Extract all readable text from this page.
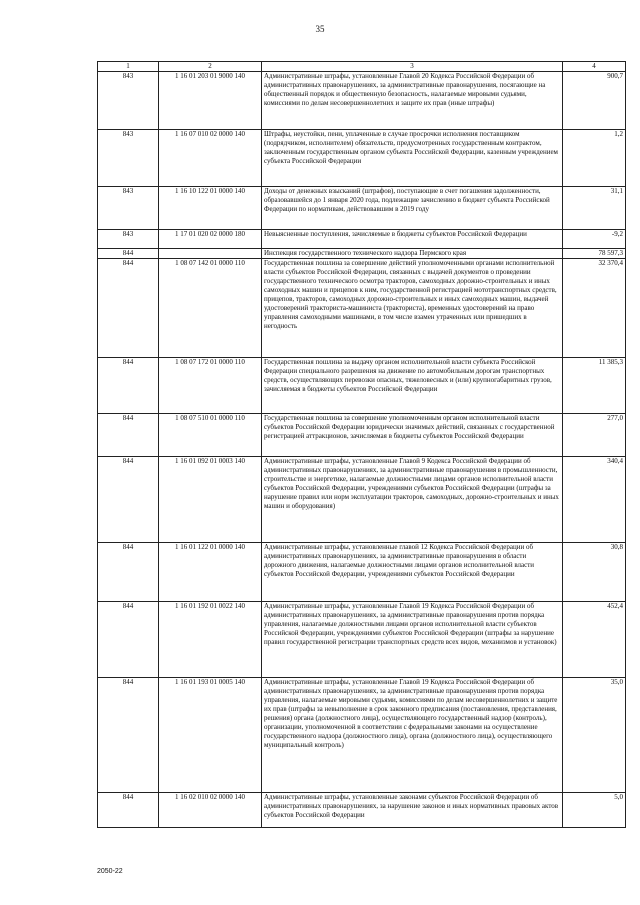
35
1	2	3	4
843	1 16 01 203 01 9000 140	Административные штрафы, установленные Главой 20 Кодекса Российской Федерации об административных правонарушениях, за административные правонарушения, посягающие на общественный порядок и общественную безопасность, налагаемые мировыми судьями, комиссиями по делам несовершеннолетних и защите их прав (иные штрафы)	900,7
843	1 16 07 010 02 0000 140	Штрафы, неустойки, пени, уплаченные в случае просрочки исполнения поставщиком (подрядчиком, исполнителем) обязательств, предусмотренных государственным контрактом, заключенным государственным органом субъекта Российской Федерации, казенным учреждением субъекта Российской Федерации	1,2
843	1 16 10 122 01 0000 140	Доходы от денежных взысканий (штрафов), поступающие в счет погашения задолженности, образовавшейся до 1 января 2020 года, подлежащие зачислению в бюджет субъекта Российской Федерации по нормативам, действовавшим в 2019 году	31,1
843	1 17 01 020 02 0000 180	Невыясненные поступления, зачисляемые в бюджеты субъектов Российской Федерации	-9,2
844		Инспекция государственного технического надзора Пермского края	78 597,3
844	1 08 07 142 01 0000 110	Государственная пошлина за совершение действий уполномоченными органами исполнительной власти субъектов Российской Федерации, связанных с выдачей документов о проведении государственного технического осмотра тракторов, самоходных дорожно-строительных и иных самоходных машин и прицепов к ним, государственной регистрацией мототранспортных средств, прицепов, тракторов, самоходных дорожно-строительных и иных самоходных машин, выдачей удостоверений тракториста-машиниста (тракториста), временных удостоверений на право управления самоходными машинами, в том числе взамен утраченных или пришедших в негодность	32 370,4
844	1 08 07 172 01 0000 110	Государственная пошлина за выдачу органом исполнительной власти субъекта Российской Федерации специального разрешения на движение по автомобильным дорогам транспортных средств, осуществляющих перевозки опасных, тяжеловесных и (или) крупногабаритных грузов, зачисляемая в бюджеты субъектов Российской Федерации	11 385,3
844	1 08 07 510 01 0000 110	Государственная пошлина за совершение уполномоченным органом исполнительной власти субъектов Российской Федерации юридически значимых действий, связанных с государственной регистрацией аттракционов, зачисляемая в бюджеты субъектов Российской Федерации	277,0
844	1 16 01 092 01 0003 140	Административные штрафы, установленные Главой 9 Кодекса Российской Федерации об административных правонарушениях, за административные правонарушения в промышленности, строительстве и энергетике, налагаемые должностными лицами органов исполнительной власти субъектов Российской Федерации, учреждениями субъектов Российской Федерации (штрафы за нарушение правил или норм эксплуатации тракторов, самоходных, дорожно-строительных и иных машин и оборудования)	340,4
844	1 16 01 122 01 0000 140	Административные штрафы, установленные главой 12 Кодекса Российской Федерации об административных правонарушениях, за административные правонарушения в области дорожного движения, налагаемые должностными лицами органов исполнительной власти субъектов Российской Федерации, учреждениями субъектов Российской Федерации	30,8
844	1 16 01 192 01 0022 140	Административные штрафы, установленные Главой 19 Кодекса Российской Федерации об административных правонарушениях, за административные правонарушения против порядка управления, налагаемые должностными лицами органов исполнительной власти субъектов Российской Федерации, учреждениями субъектов Российской Федерации (штрафы за нарушение правил государственной регистрации транспортных средств всех видов, механизмов и установок)	452,4
844	1 16 01 193 01 0005 140	Административные штрафы, установленные Главой 19 Кодекса Российской Федерации об административных правонарушениях, за административные правонарушения против порядка управления, налагаемые мировыми судьями, комиссиями по делам несовершеннолетних и защите их прав (штрафы за невыполнение в срок законного предписания (постановления, представления, решения) органа (должностного лица), осуществляющего государственный надзор (контроль), организации, уполномоченной в соответствии с федеральными законами на осуществление государственного надзора (должностного лица), органа (должностного лица), осуществляющего муниципальный контроль)	35,0
844	1 16 02 010 02 0000 140	Административные штрафы, установленные законами субъектов Российской Федерации об административных правонарушениях, за нарушение законов и иных нормативных правовых актов субъектов Российской Федерации	5,0
2050-22
